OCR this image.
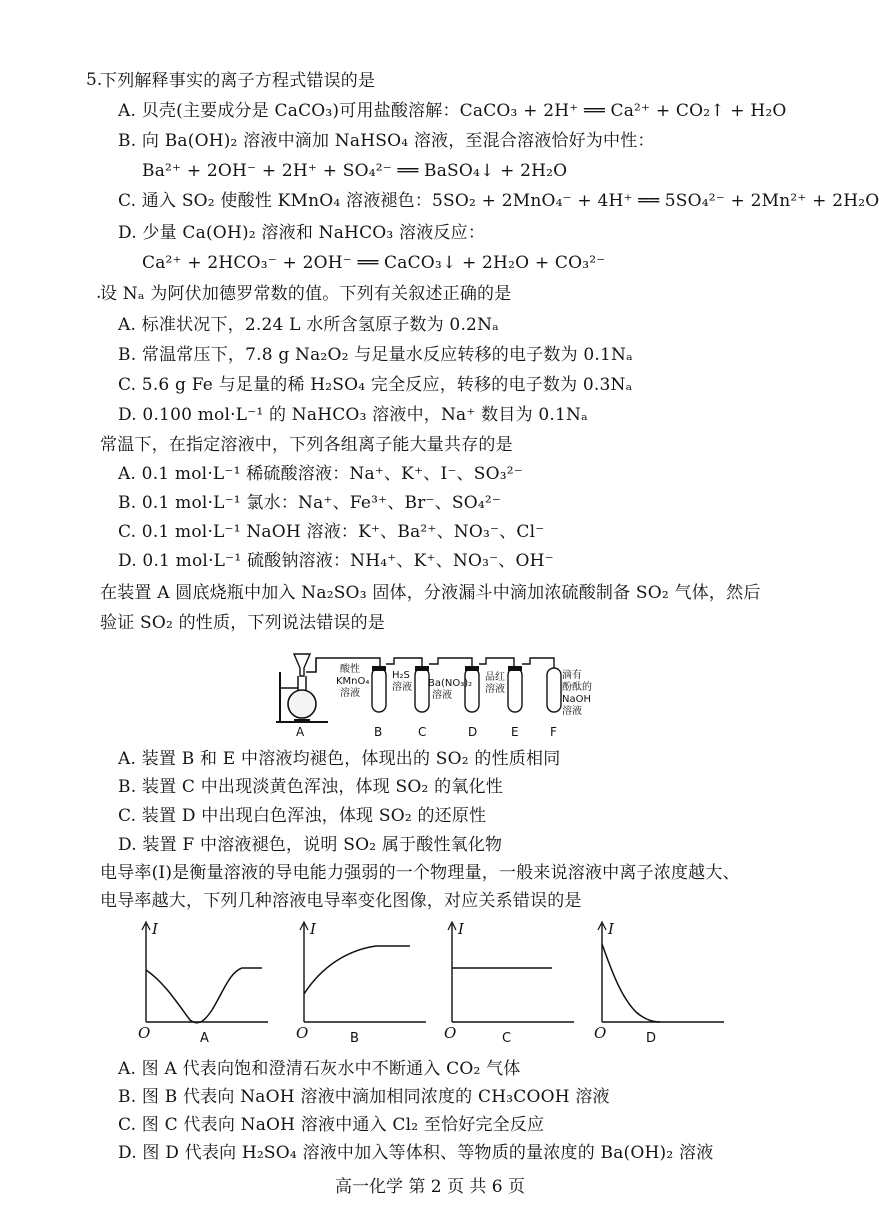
5.
下列解释事实的离子方程式错误的是
A. 贝壳(主要成分是 CaCO₃)可用盐酸溶解：CaCO₃ + 2H⁺ ══ Ca²⁺ + CO₂↑ + H₂O
B. 向 Ba(OH)₂ 溶液中滴加 NaHSO₄ 溶液，至混合溶液恰好为中性：
Ba²⁺ + 2OH⁻ + 2H⁺ + SO₄²⁻ ══ BaSO₄↓ + 2H₂O
C. 通入 SO₂ 使酸性 KMnO₄ 溶液褪色：5SO₂ + 2MnO₄⁻ + 4H⁺ ══ 5SO₄²⁻ + 2Mn²⁺ + 2H₂O
D. 少量 Ca(OH)₂ 溶液和 NaHCO₃ 溶液反应：
Ca²⁺ + 2HCO₃⁻ + 2OH⁻ ══ CaCO₃↓ + 2H₂O + CO₃²⁻
.
设 Nₐ 为阿伏加德罗常数的值。下列有关叙述正确的是
A. 标准状况下，2.24 L 水所含氢原子数为 0.2Nₐ
B. 常温常压下，7.8 g Na₂O₂ 与足量水反应转移的电子数为 0.1Nₐ
C. 5.6 g Fe 与足量的稀 H₂SO₄ 完全反应，转移的电子数为 0.3Nₐ
D. 0.100 mol·L⁻¹ 的 NaHCO₃ 溶液中，Na⁺ 数目为 0.1Nₐ
常温下，在指定溶液中，下列各组离子能大量共存的是
A. 0.1 mol·L⁻¹ 稀硫酸溶液：Na⁺、K⁺、I⁻、SO₃²⁻
B. 0.1 mol·L⁻¹ 氯水：Na⁺、Fe³⁺、Br⁻、SO₄²⁻
C. 0.1 mol·L⁻¹ NaOH 溶液：K⁺、Ba²⁺、NO₃⁻、Cl⁻
D. 0.1 mol·L⁻¹ 硫酸钠溶液：NH₄⁺、K⁺、NO₃⁻、OH⁻
在装置 A 圆底烧瓶中加入 Na₂SO₃ 固体，分液漏斗中滴加浓硫酸制备 SO₂ 气体，然后
验证 SO₂ 的性质，下列说法错误的是
酸性
KMnO₄
溶液
H₂S
溶液 Ba(NO₃)₂
溶液
品红
溶液
滴有
酚酞的
NaOH
溶液
A	B	C	D	E	F
A. 装置 B 和 E 中溶液均褪色，体现出的 SO₂ 的性质相同
B. 装置 C 中出现淡黄色浑浊，体现 SO₂ 的氧化性
C. 装置 D 中出现白色浑浊，体现 SO₂ 的还原性
D. 装置 F 中溶液褪色，说明 SO₂ 属于酸性氧化物
电导率(I)是衡量溶液的导电能力强弱的一个物理量，一般来说溶液中离子浓度越大、
电导率越大，下列几种溶液电导率变化图像，对应关系错误的是
I
O	A
I
O	B
I
O	C
I
O	D
A. 图 A 代表向饱和澄清石灰水中不断通入 CO₂ 气体
B. 图 B 代表向 NaOH 溶液中滴加相同浓度的 CH₃COOH 溶液
C. 图 C 代表向 NaOH 溶液中通入 Cl₂ 至恰好完全反应
D. 图 D 代表向 H₂SO₄ 溶液中加入等体积、等物质的量浓度的 Ba(OH)₂ 溶液
高一化学 第 2 页 共 6 页
